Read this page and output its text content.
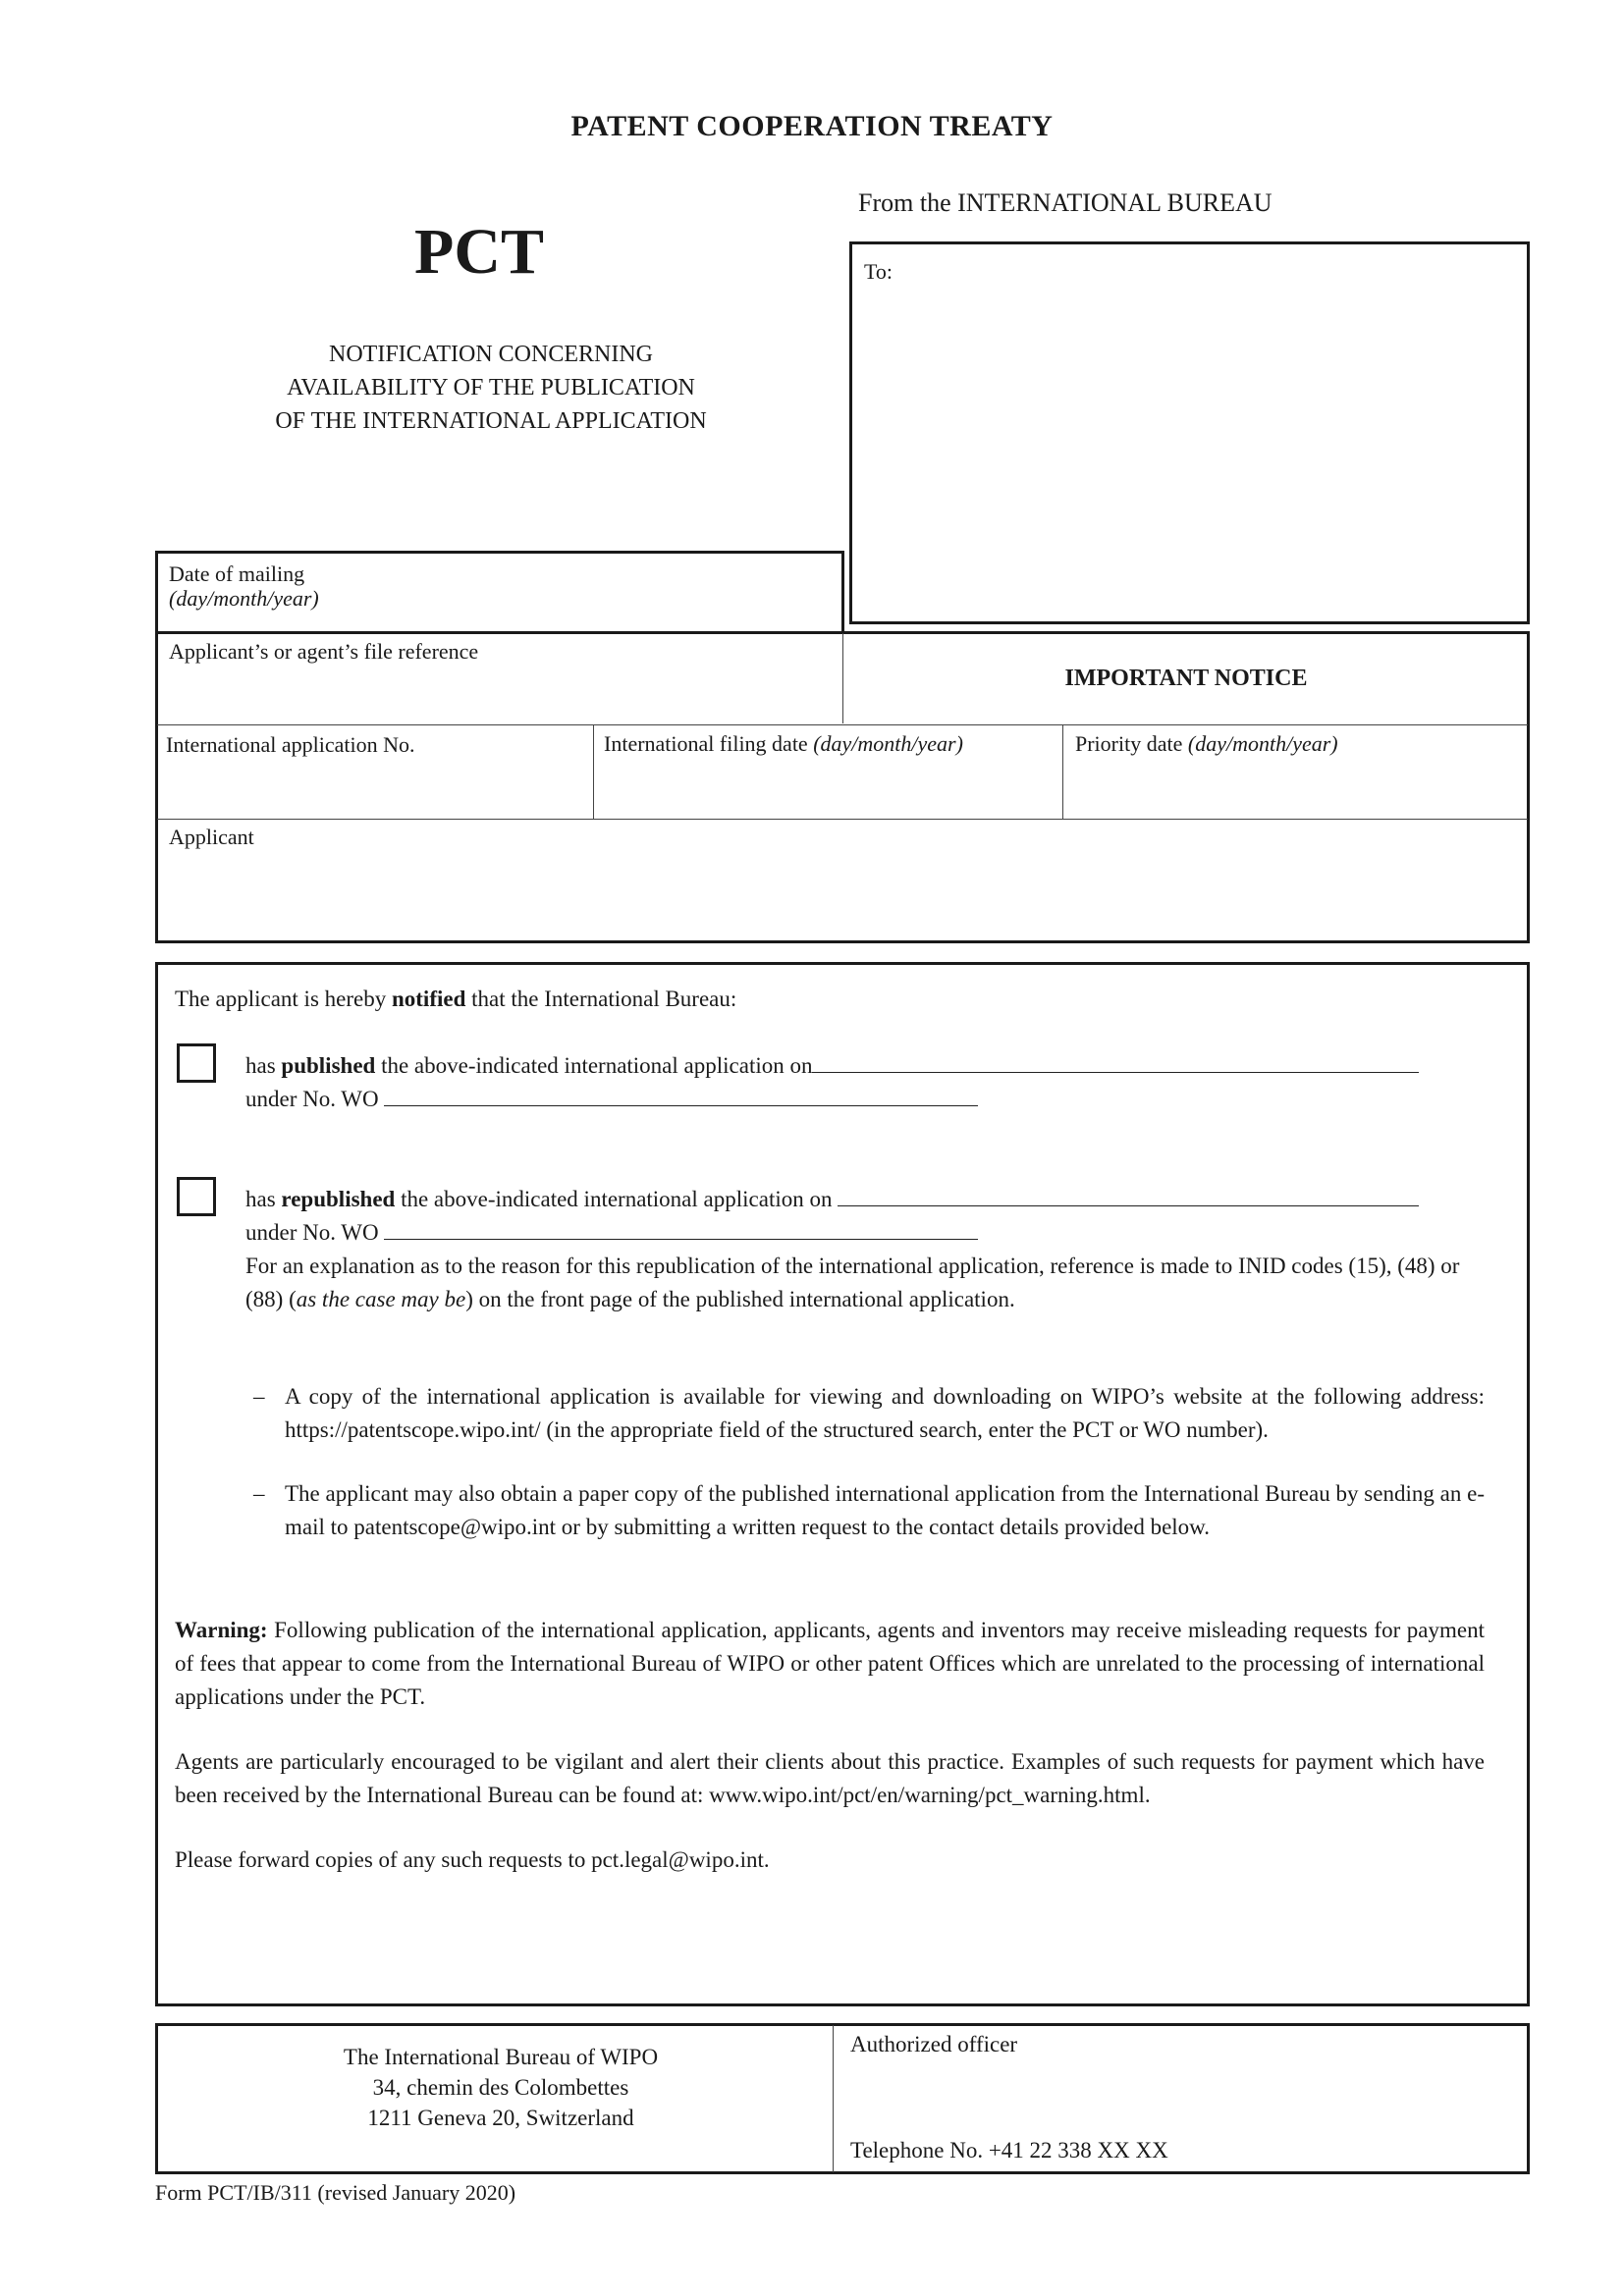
PATENT COOPERATION TREATY
PCT
NOTIFICATION CONCERNING
AVAILABILITY OF THE PUBLICATION
OF THE INTERNATIONAL APPLICATION
From the INTERNATIONAL BUREAU
To:
Date of mailing
(day/month/year)
Applicant’s or agent’s file reference
IMPORTANT NOTICE
International application No.	International filing date (day/month/year)	Priority date (day/month/year)
Applicant
The applicant is hereby notified that the International Bureau:
has published the above-indicated international application on
under No. WO
has republished the above-indicated international application on
under No. WO
For an explanation as to the reason for this republication of the international application, reference is made to INID codes (15), (48) or (88) (as the case may be) on the front page of the published international application.
– A copy of the international application is available for viewing and downloading on WIPO’s website at the following address: https://patentscope.wipo.int/ (in the appropriate field of the structured search, enter the PCT or WO number).
– The applicant may also obtain a paper copy of the published international application from the International Bureau by sending an e-mail to patentscope@wipo.int or by submitting a written request to the contact details provided below.
Warning: Following publication of the international application, applicants, agents and inventors may receive misleading requests for payment of fees that appear to come from the International Bureau of WIPO or other patent Offices which are unrelated to the processing of international applications under the PCT.
Agents are particularly encouraged to be vigilant and alert their clients about this practice. Examples of such requests for payment which have been received by the International Bureau can be found at: www.wipo.int/pct/en/warning/pct_warning.html.
Please forward copies of any such requests to pct.legal@wipo.int.
The International Bureau of WIPO
34, chemin des Colombettes
1211 Geneva 20, Switzerland
Authorized officer
Telephone No. +41 22 338 XX XX
Form PCT/IB/311 (revised January 2020)
